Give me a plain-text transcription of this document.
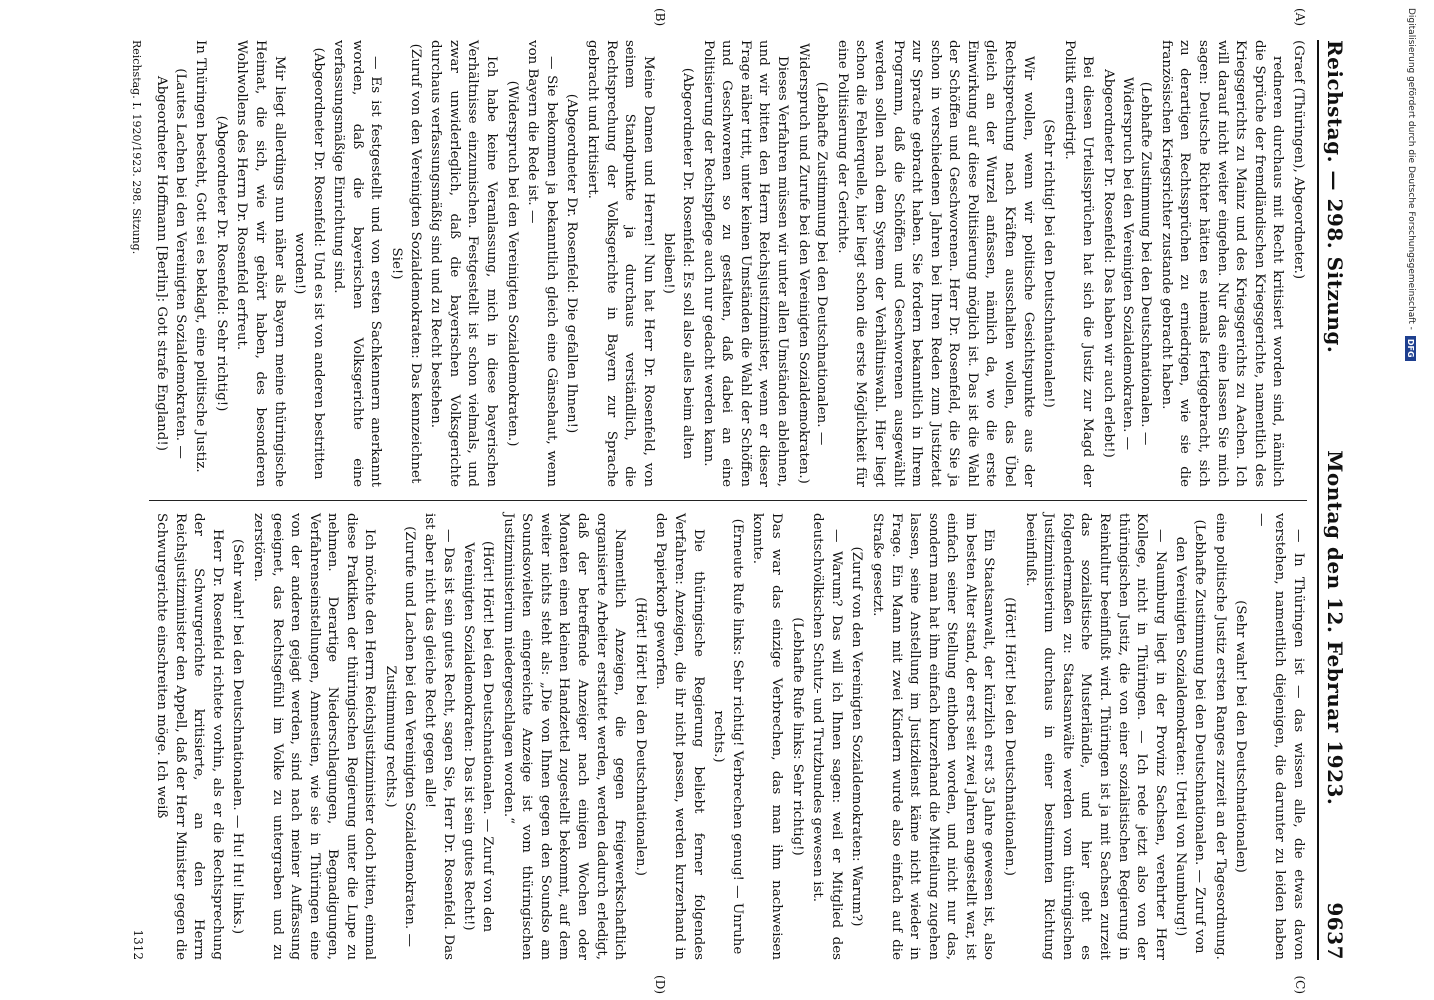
Reichstag. — 298. Sitzung.
Montag den 12. Februar 1923.
9637

(Graef (Thüringen), Abgeordneter.)

redneren durchaus mit Recht kritisiert worden sind, nämlich die Sprüche der fremdländischen Kriegsgerichte, namentlich des Kriegsgerichts zu Mainz und des Kriegsgerichts zu Aachen. Ich will darauf nicht weiter eingehen. Nur das eine lassen Sie mich sagen: Deutsche Richter hätten es niemals fertiggebracht, sich zu derartigen Rechtssprüchen zu erniedrigen, wie sie die französischen Kriegsrichter zustande gebracht haben.

(Lebhafte Zustimmung bei den Deutschnationalen. — Widerspruch bei den Vereinigten Sozialdemokraten. — Abgeordneter Dr. Rosenfeld: Das haben wir auch erlebt!)

Bei diesen Urteilssprüchen hat sich die Justiz zur Magd der Politik erniedrigt.

(Sehr richtig! bei den Deutschnationalen!)

Wir wollen, wenn wir politische Gesichtspunkte aus der Rechtsprechung nach Kräften ausschalten wollen, das Übel gleich an der Wurzel anfassen, nämlich da, wo die erste Einwirkung auf diese Politisierung möglich ist. Das ist die Wahl der Schöffen und Geschworenen. Herr Dr. Rosenfeld, die Sie ja schon in verschiedenen Jahren bei Ihren Reden zum Justizetat zur Sprache gebracht haben. Sie fordern bekanntlich in Ihrem Programm, daß die Schöffen und Geschworenen ausgewählt werden sollen nach dem System der Verhältniswahl. Hier liegt schon die Fehlerquelle, hier liegt schon die erste Möglichkeit für eine Politisierung der Gerichte.

(Lebhafte Zustimmung bei den Deutschnationalen. — Widerspruch und Zurufe bei den Vereinigten Sozialdemokraten.)

Dieses Verfahren müssen wir unter allen Umständen ablehnen, und wir bitten den Herrn Reichsjustizminister, wenn er dieser Frage näher tritt, unter keinen Umständen die Wahl der Schöffen und Geschworenen so zu gestalten, daß dabei an eine Politisierung der Rechtspflege auch nur gedacht werden kann.

(Abgeordneter Dr. Rosenfeld: Es soll also alles beim alten bleiben!)

Meine Damen und Herren! Nun hat Herr Dr. Rosenfeld, von seinem Standpunkte ja durchaus verständlich, die Rechtsprechung der Volksgerichte in Bayern zur Sprache gebracht und kritisiert.

(Abgeordneter Dr. Rosenfeld: Die gefallen Ihnen!)

— Sie bekommen ja bekanntlich gleich eine Gänsehaut, wenn von Bayern die Rede ist. —

(Widerspruch bei den Vereinigten Sozialdemokraten.)

Ich habe keine Veranlassung, mich in diese bayerischen Verhältnisse einzumischen. Festgestellt ist schon vielmals, und zwar unwiderleglich, daß die bayerischen Volksgerichte durchaus verfassungsmäßig sind und zu Recht bestehen.

(Zuruf von den Vereinigten Sozialdemokraten: Das kennzeichnet Sie!)

— Es ist festgestellt und von ersten Sachkennern anerkannt worden, daß die bayerischen Volksgerichte eine verfassungsmäßige Einrichtung sind.

(Abgeordneter Dr. Rosenfeld: Und es ist von anderen bestritten worden!)

Mir liegt allerdings nun näher als Bayern meine thüringische Heimat, die sich, wie wir gehört haben, des besonderen Wohlwollens des Herrn Dr. Rosenfeld erfreut.

(Abgeordneter Dr. Rosenfeld: Sehr richtig!)

In Thüringen besteht, Gott sei es beklagt, eine politische Justiz.

(Lautes Lachen bei den Vereinigten Sozialdemokraten. — Abgeordneter Hoffmann [Berlin]: Gott strafe England!)

— In Thüringen ist — das wissen alle, die etwas davon verstehen, namentlich diejenigen, die darunter zu leiden haben —

(Sehr wahr! bei den Deutschnationalen)

eine politische Justiz ersten Ranges zurzeit an der Tagesordnung.

(Lebhafte Zustimmung bei den Deutschnationalen. — Zuruf von den Vereinigten Sozialdemokraten: Urteil von Naumburg!)

— Naumburg liegt in der Provinz Sachsen, verehrter Herr Kollege, nicht in Thüringen. — Ich rede jetzt also von der thüringischen Justiz, die von einer sozialistischen Regierung in Reinkultur beeinflußt wird. Thüringen ist ja mit Sachsen zurzeit das sozialistische Musterländle, und hier geht es folgendermaßen zu: Staatsanwälte werden vom thüringischen Justizministerium durchaus in einer bestimmten Richtung beeinflußt.

(Hört! Hört! bei den Deutschnationalen.)

Ein Staatsanwalt, der kürzlich erst 35 Jahre gewesen ist, also im besten Alter stand, der erst seit zwei Jahren angestellt war, ist einfach seiner Stellung enthoben worden, und nicht nur das, sondern man hat ihm einfach kurzerhand die Mitteilung zugehen lassen, seine Anstellung im Justizdienst käme nicht wieder in Frage. Ein Mann mit zwei Kindern wurde also einfach auf die Straße gesetzt.

(Zuruf von den Vereinigten Sozialdemokraten: Warum?)

— Warum? Das will ich Ihnen sagen: weil er Mitglied des deutschvölkischen Schutz- und Trutzbundes gewesen ist.

(Lebhafte Rufe links: Sehr richtig!)

Das war das einzige Verbrechen, das man ihm nachweisen konnte.

(Erneute Rufe links: Sehr richtig! Verbrechen genug! — Unruhe rechts.)

Die thüringische Regierung beliebt ferner folgendes Verfahren: Anzeigen, die ihr nicht passen, werden kurzerhand in den Papierkorb geworfen.

(Hört! Hört! bei den Deutschnationalen.)

Namentlich Anzeigen, die gegen freigewerkschaftlich organisierte Arbeiter erstattet werden, werden dadurch erledigt, daß der betreffende Anzeiger nach einigen Wochen oder Monaten einen kleinen Handzettel zugestellt bekommt, auf dem weiter nichts steht als: „Die von Ihnen gegen den Soundso am Soundsovielten eingereichte Anzeige ist vom thüringischen Justizministerium niedergeschlagen worden.“

(Hört! Hört! bei den Deutschnationalen. — Zuruf von den Vereinigten Sozialdemokraten: Das ist sein gutes Recht!)

— Das ist sein gutes Recht, sagen Sie, Herr Dr. Rosenfeld. Das ist aber nicht das gleiche Recht gegen alle!

(Zurufe und Lachen bei den Vereinigten Sozialdemokraten. — Zustimmung rechts.)

Ich möchte den Herrn Reichsjustizminister doch bitten, einmal diese Praktiken der thüringischen Regierung unter die Lupe zu nehmen. Derartige Niederschlagungen, Begnadigungen, Verfahrenseinstellungen, Amnestien, wie sie in Thüringen eine von der anderen gejagt werden, sind nach meiner Auffassung geeignet, das Rechtsgefühl im Volke zu untergraben und zu zerstören.

(Sehr wahr! bei den Deutschnationalen. — Hu! Hu! links.)

Herr Dr. Rosenfeld richtete vorhin, als er die Rechtsprechung der Schwurgerichte kritisierte, an den Herrn Reichsjustizminister den Appell, daß der Herr Minister gegen die Schwurgerichte einschreiten möge. Ich weiß

(A)
(B)
(C)
(D)
Reichstag. I. 1920/1923. 298. Sitzung.
1312
Digitalisierung gefördert durch die Deutsche Forschungsgemeinschaft -
DFG
